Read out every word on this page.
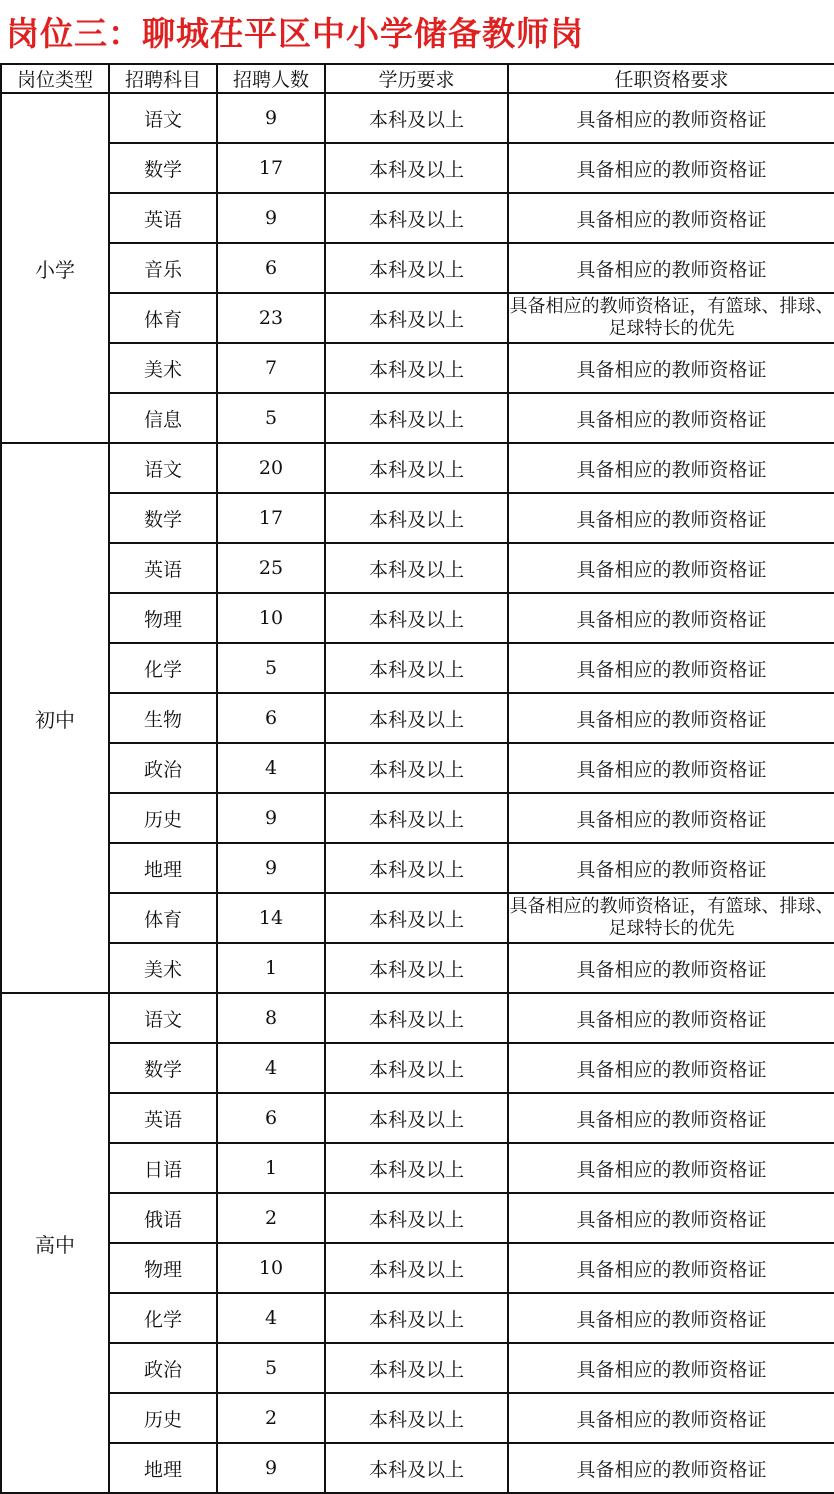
岗位三：聊城茌平区中小学储备教师岗
岗位类型	招聘科目	招聘人数	学历要求	任职资格要求
小学	语文	9	本科及以上	具备相应的教师资格证
	数学	17	本科及以上	具备相应的教师资格证
	英语	9	本科及以上	具备相应的教师资格证
	音乐	6	本科及以上	具备相应的教师资格证
	体育	23	本科及以上	具备相应的教师资格证，有篮球、排球、足球特长的优先
	美术	7	本科及以上	具备相应的教师资格证
	信息	5	本科及以上	具备相应的教师资格证
初中	语文	20	本科及以上	具备相应的教师资格证
	数学	17	本科及以上	具备相应的教师资格证
	英语	25	本科及以上	具备相应的教师资格证
	物理	10	本科及以上	具备相应的教师资格证
	化学	5	本科及以上	具备相应的教师资格证
	生物	6	本科及以上	具备相应的教师资格证
	政治	4	本科及以上	具备相应的教师资格证
	历史	9	本科及以上	具备相应的教师资格证
	地理	9	本科及以上	具备相应的教师资格证
	体育	14	本科及以上	具备相应的教师资格证，有篮球、排球、足球特长的优先
	美术	1	本科及以上	具备相应的教师资格证
高中	语文	8	本科及以上	具备相应的教师资格证
	数学	4	本科及以上	具备相应的教师资格证
	英语	6	本科及以上	具备相应的教师资格证
	日语	1	本科及以上	具备相应的教师资格证
	俄语	2	本科及以上	具备相应的教师资格证
	物理	10	本科及以上	具备相应的教师资格证
	化学	4	本科及以上	具备相应的教师资格证
	政治	5	本科及以上	具备相应的教师资格证
	历史	2	本科及以上	具备相应的教师资格证
	地理	9	本科及以上	具备相应的教师资格证
